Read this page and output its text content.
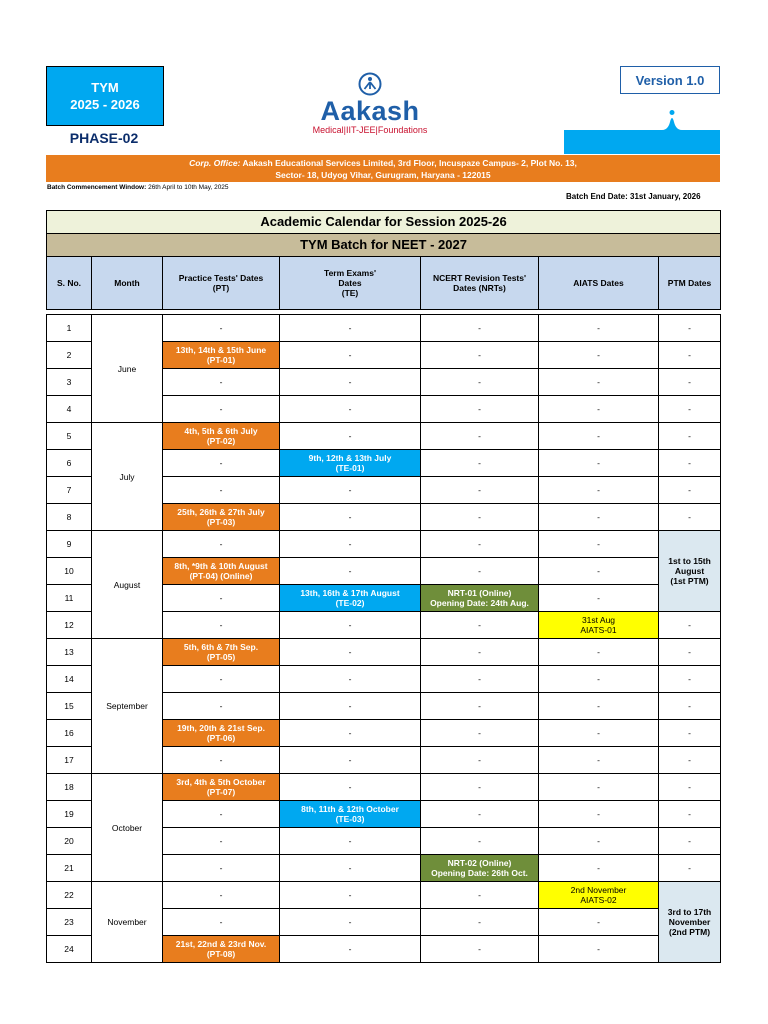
TYM
2025 - 2026
PHASE-02
Aakash
Medical|IIT-JEE|Foundations
Version 1.0
Corp. Office: Aakash Educational Services Limited, 3rd Floor, Incuspaze Campus- 2, Plot No. 13,
Sector- 18, Udyog Vihar, Gurugram, Haryana - 122015
Batch Commencement Window: 26th April to 10th May, 2025
Batch End Date: 31st January, 2026
Academic Calendar for Session 2025-26						
TYM Batch for NEET - 2027						
S. No.	Month	Practice Tests' Dates
(PT)	Term Exams'
Dates
(TE)	NCERT Revision Tests'
Dates (NRTs)	AIATS Dates	PTM Dates

1	June	-	-	-	-	-
2		13th, 14th & 15th June
(PT-01)	-	-	-	-
3		-	-	-	-	-
4		-	-	-	-	-
5	July	4th, 5th & 6th July
(PT-02)	-	-	-	-
6		-	9th, 12th & 13th July
(TE-01)	-	-	-
7		-	-	-	-	-
8		25th, 26th & 27th July
(PT-03)	-	-	-	-
9	August	-	-	-	-	1st to 15th
August
(1st PTM)
10		8th, *9th & 10th August
(PT-04) (Online)	-	-	-	
11		-	13th, 16th & 17th August
(TE-02)	NRT-01 (Online)
Opening Date: 24th Aug.	-	
12		-	-	-	31st Aug
AIATS-01	-
13	September	5th, 6th & 7th Sep.
(PT-05)	-	-	-	-
14		-	-	-	-	-
15		-	-	-	-	-
16		19th, 20th & 21st Sep.
(PT-06)	-	-	-	-
17		-	-	-	-	-
18	October	3rd, 4th & 5th October
(PT-07)	-	-	-	-
19		-	8th, 11th & 12th October
(TE-03)	-	-	-
20		-	-	-	-	-
21		-	-	NRT-02 (Online)
Opening Date: 26th Oct.	-	-
22	November	-	-	-	2nd November
AIATS-02	3rd to 17th
November
(2nd PTM)
23		-	-	-	-	
24		21st, 22nd & 23rd Nov.
(PT-08)	-	-	-	
